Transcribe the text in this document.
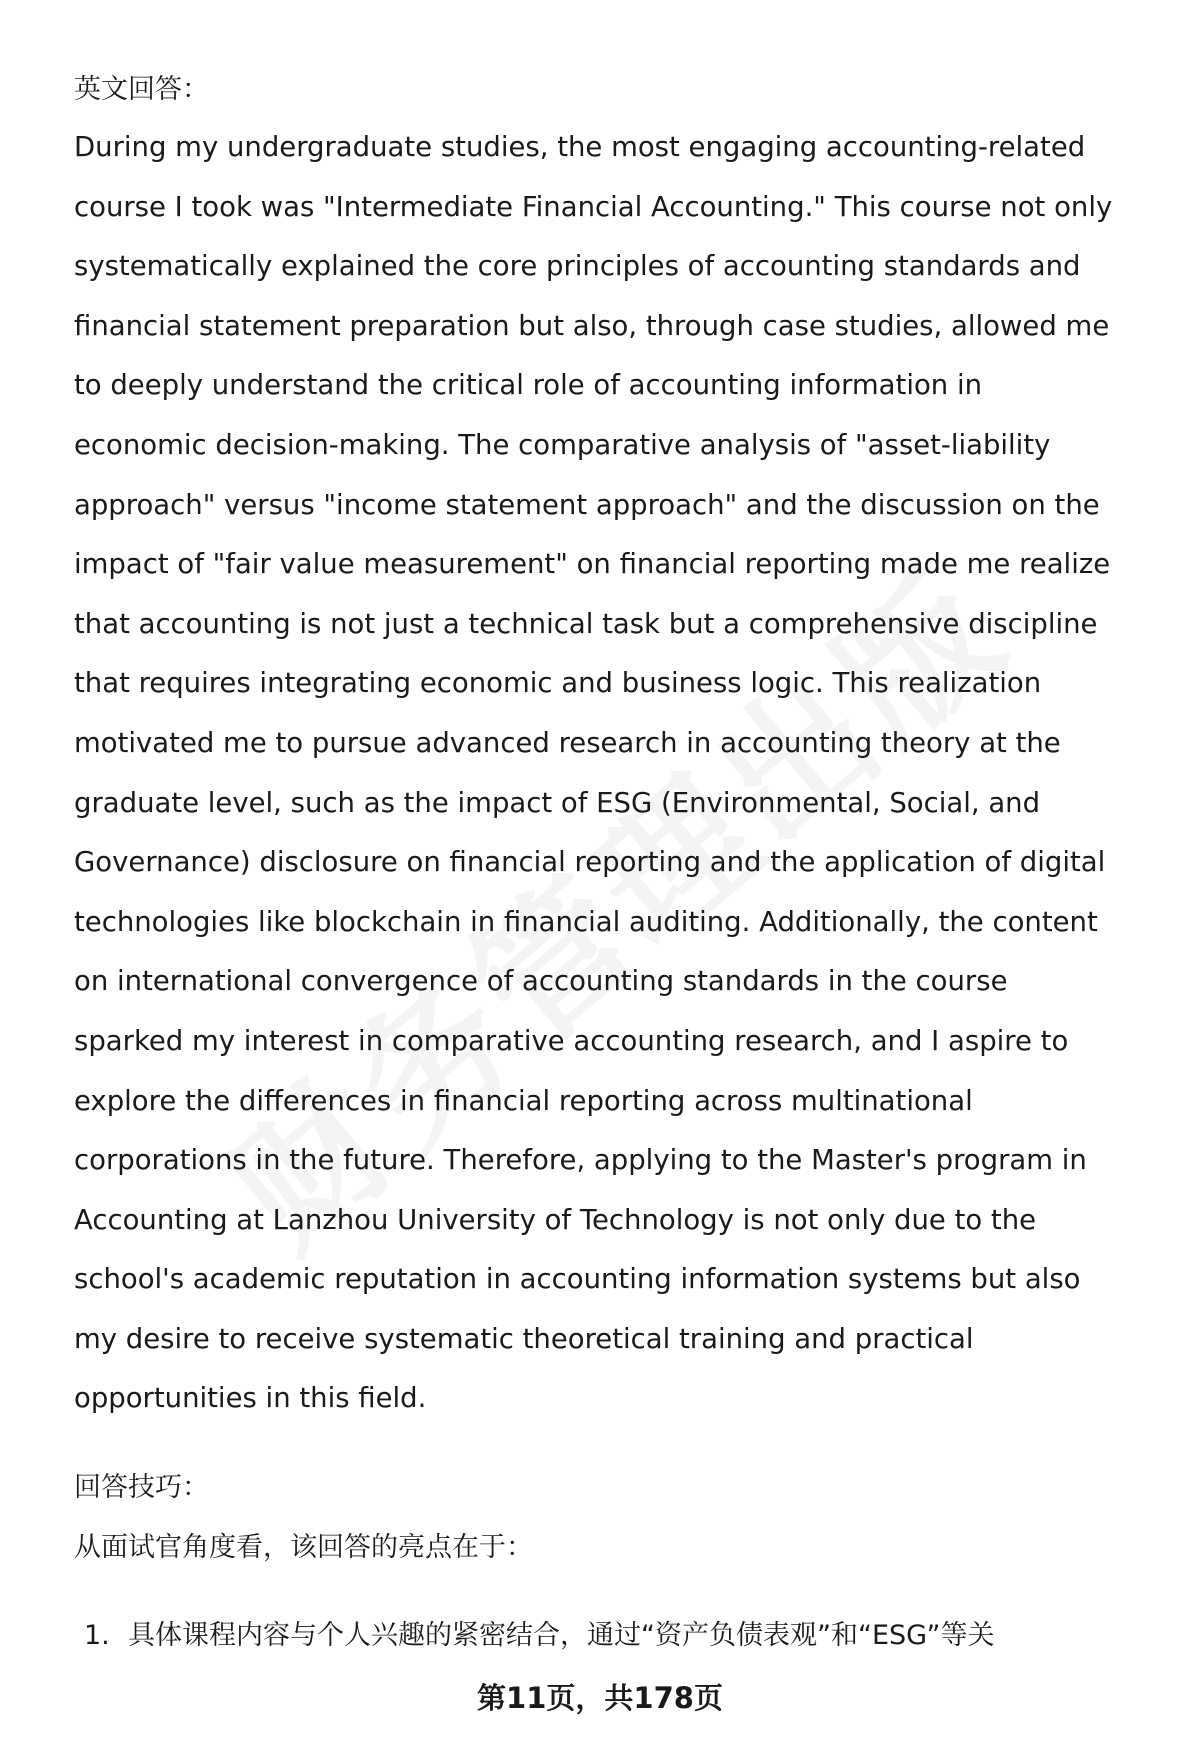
英文回答：
During my undergraduate studies, the most engaging accounting-related
course I took was "Intermediate Financial Accounting." This course not only
systematically explained the core principles of accounting standards and
financial statement preparation but also, through case studies, allowed me
to deeply understand the critical role of accounting information in
economic decision-making. The comparative analysis of "asset-liability
approach" versus "income statement approach" and the discussion on the
impact of "fair value measurement" on financial reporting made me realize
that accounting is not just a technical task but a comprehensive discipline
that requires integrating economic and business logic. This realization
motivated me to pursue advanced research in accounting theory at the
graduate level, such as the impact of ESG (Environmental, Social, and
Governance) disclosure on financial reporting and the application of digital
technologies like blockchain in financial auditing. Additionally, the content
on international convergence of accounting standards in the course
sparked my interest in comparative accounting research, and I aspire to
explore the differences in financial reporting across multinational
corporations in the future. Therefore, applying to the Master's program in
Accounting at Lanzhou University of Technology is not only due to the
school's academic reputation in accounting information systems but also
my desire to receive systematic theoretical training and practical
opportunities in this field.
回答技巧：
从面试官角度看，该回答的亮点在于：
1. 具体课程内容与个人兴趣的紧密结合，通过“资产负债表观”和“ESG”等关
第11页，共178页
